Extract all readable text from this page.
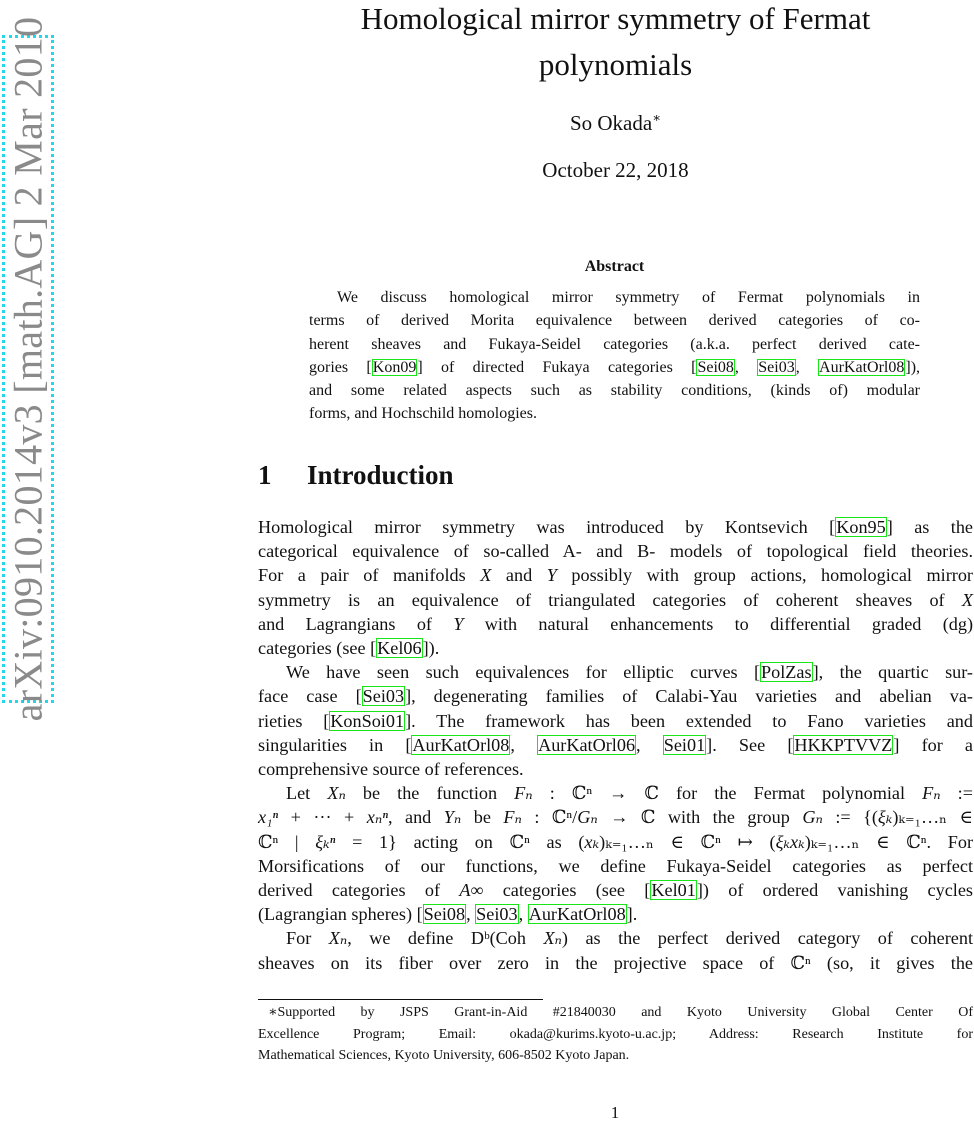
arXiv:0910.2014v3 [math.AG] 2 Mar 2010	Homological mirror symmetry of Fermat
polynomials
So Okada∗
October 22, 2018
Abstract
We discuss homological mirror symmetry of Fermat polynomials in
terms of derived Morita equivalence between derived categories of co-
herent sheaves and Fukaya-Seidel categories (a.k.a. perfect derived cate-
gories [Kon09] of directed Fukaya categories [Sei08, Sei03, AurKatOrl08]),
and some related aspects such as stability conditions, (kinds of) modular
forms, and Hochschild homologies.
1 Introduction
Homological mirror symmetry was introduced by Kontsevich [Kon95] as the
categorical equivalence of so-called A- and B- models of topological field theories.
For a pair of manifolds X and Y possibly with group actions, homological mirror
symmetry is an equivalence of triangulated categories of coherent sheaves of X
and Lagrangians of Y with natural enhancements to differential graded (dg)
categories (see [Kel06]).
We have seen such equivalences for elliptic curves [PolZas], the quartic sur-
face case [Sei03], degenerating families of Calabi-Yau varieties and abelian va-
rieties [KonSoi01]. The framework has been extended to Fano varieties and
singularities in [AurKatOrl08, AurKatOrl06, Sei01]. See [HKKPTVVZ] for a
comprehensive source of references.
Let Xₙ be the function Fₙ : ℂⁿ → ℂ for the Fermat polynomial Fₙ :=
x₁ⁿ + ··· + xₙⁿ, and Yₙ be Fₙ : ℂⁿ/Gₙ → ℂ with the group Gₙ := {(ξₖ)ₖ₌₁…ₙ ∈
ℂⁿ | ξₖⁿ = 1} acting on ℂⁿ as (xₖ)ₖ₌₁…ₙ ∈ ℂⁿ ↦ (ξₖxₖ)ₖ₌₁…ₙ ∈ ℂⁿ. For
Morsifications of our functions, we define Fukaya-Seidel categories as perfect
derived categories of A∞ categories (see [Kel01]) of ordered vanishing cycles
(Lagrangian spheres) [Sei08, Sei03, AurKatOrl08].
For Xₙ, we define Dᵇ(Coh Xₙ) as the perfect derived category of coherent
sheaves on its fiber over zero in the projective space of ℂⁿ (so, it gives the
∗Supported by JSPS Grant-in-Aid #21840030 and Kyoto University Global Center Of
Excellence Program; Email: okada@kurims.kyoto-u.ac.jp; Address: Research Institute for
Mathematical Sciences, Kyoto University, 606-8502 Kyoto Japan.
1
